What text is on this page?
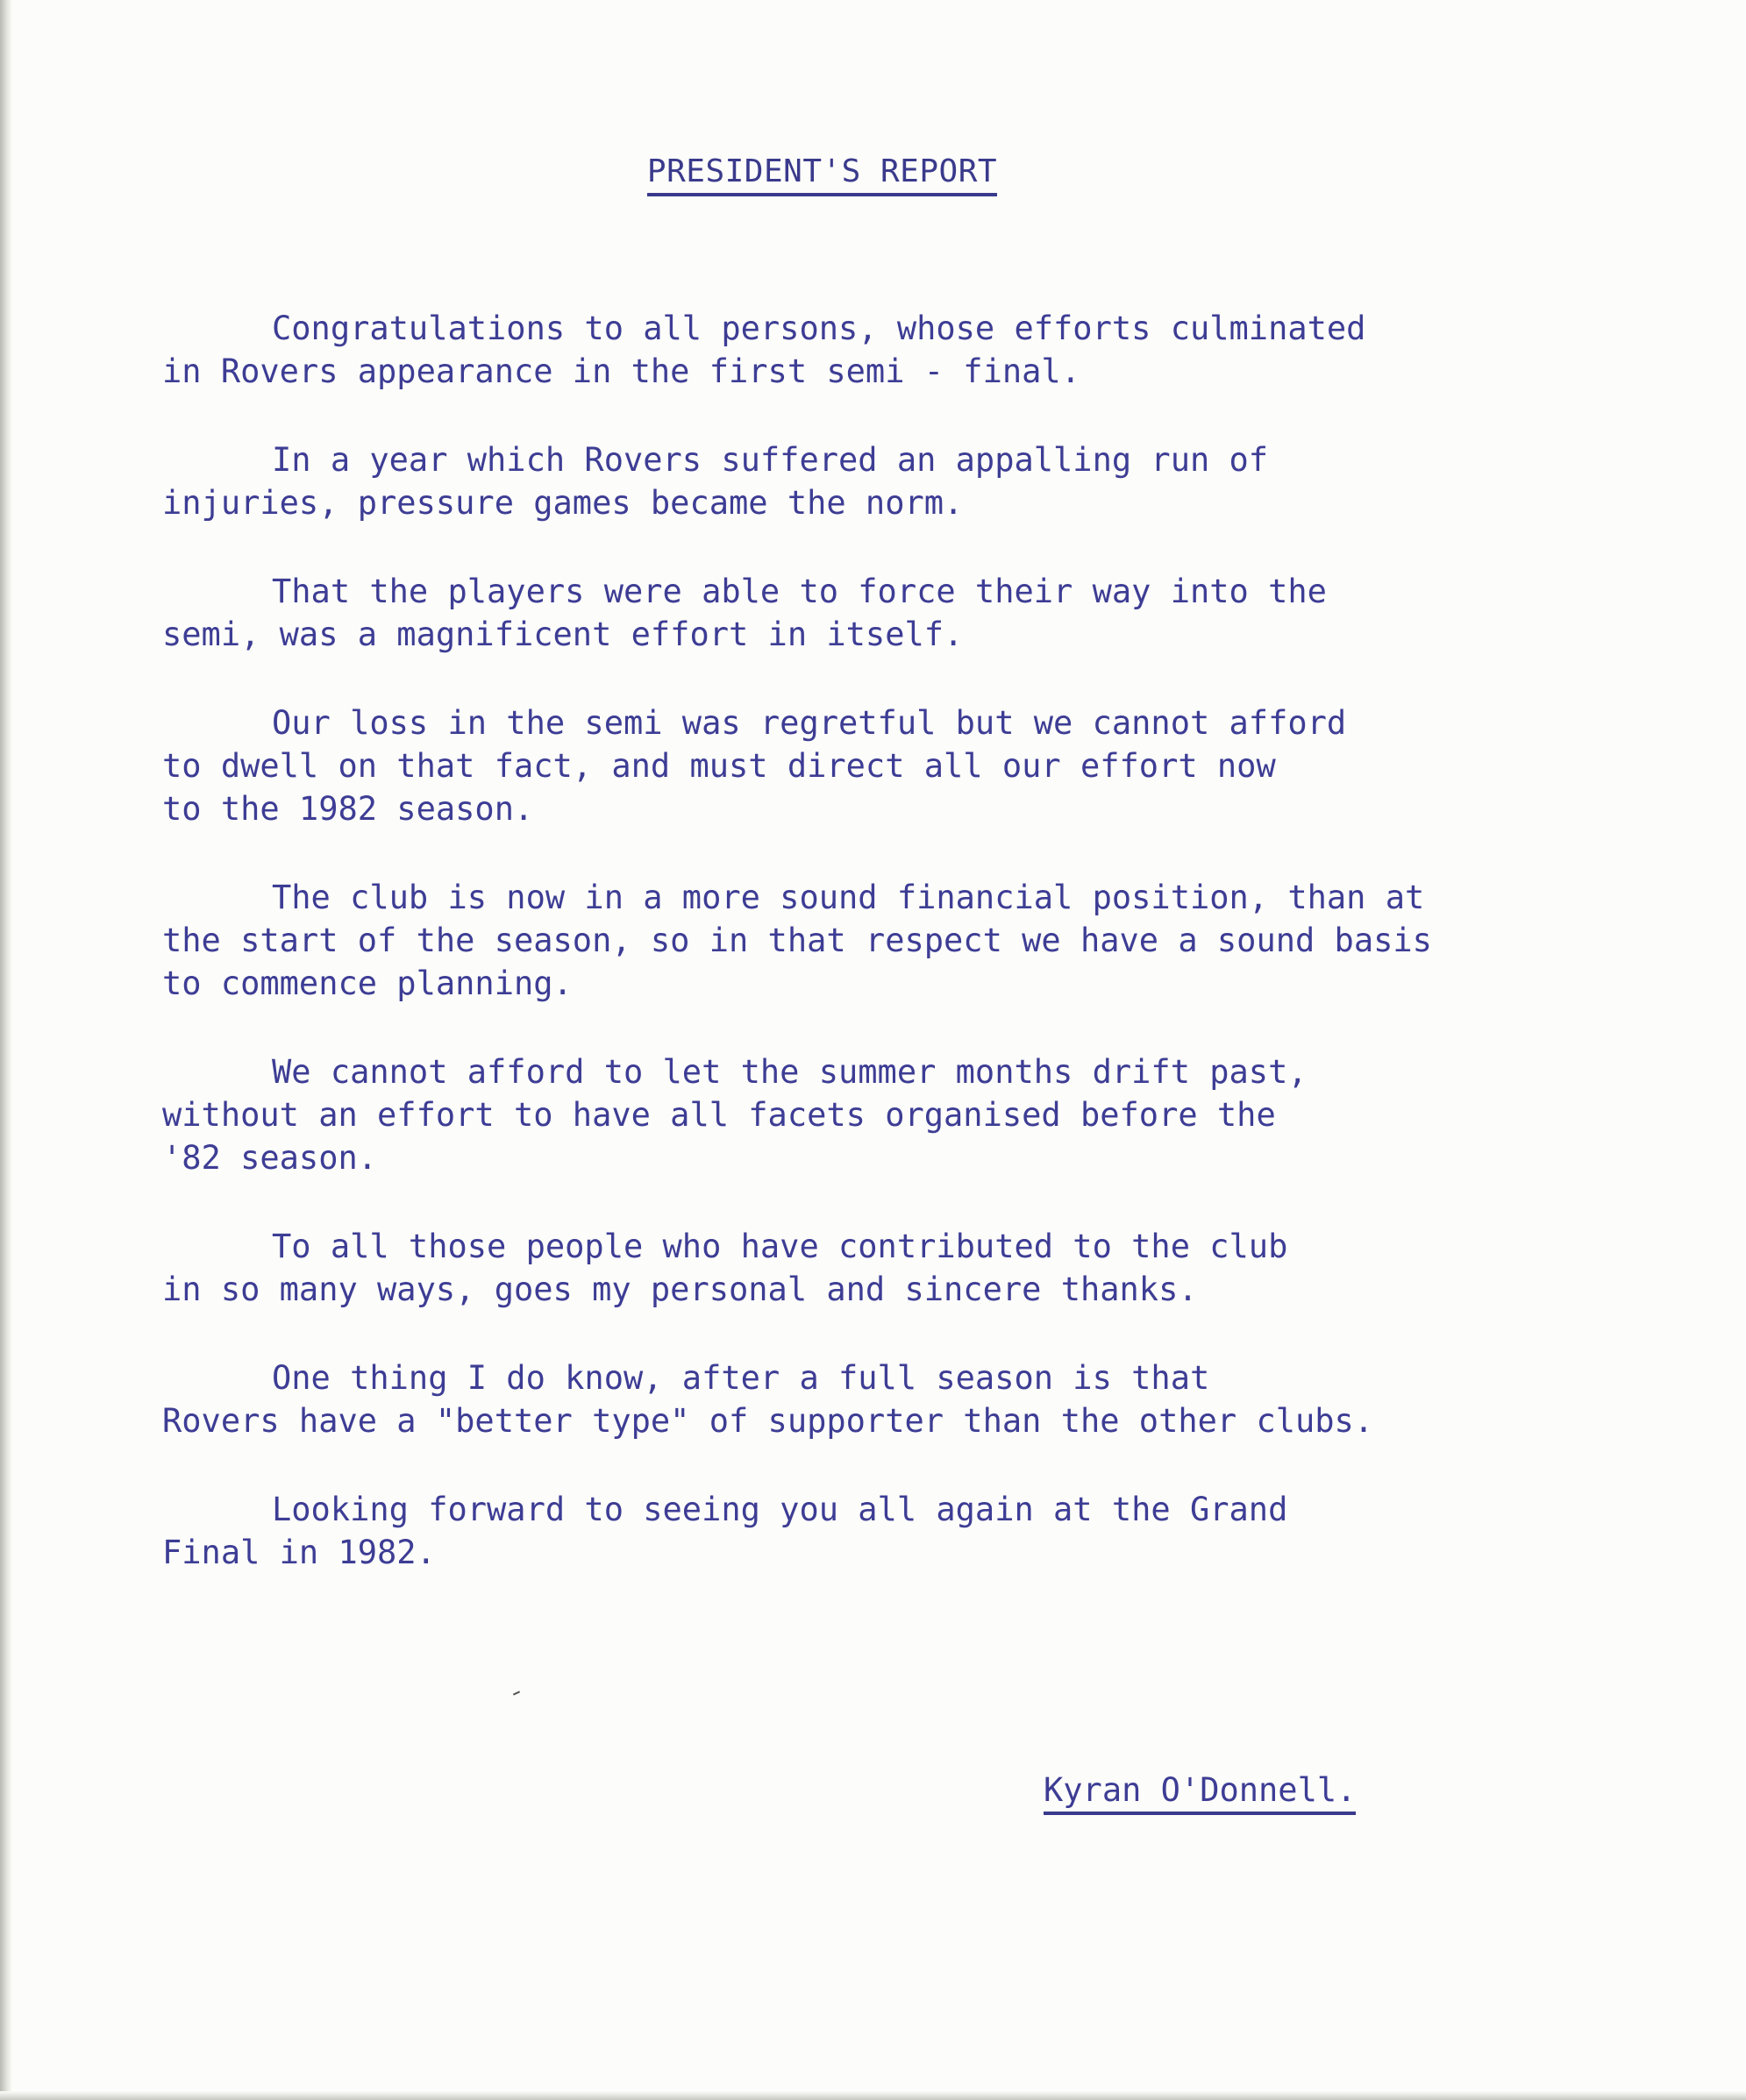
PRESIDENT'S REPORT

Congratulations to all persons, whose efforts culminated
in Rovers appearance in the first semi - final.

In a year which Rovers suffered an appalling run of
injuries, pressure games became the norm.

That the players were able to force their way into the
semi, was a magnificent effort in itself.

Our loss in the semi was regretful but we cannot afford
to dwell on that fact, and must direct all our effort now
to the 1982 season.

The club is now in a more sound financial position, than at
the start of the season, so in that respect we have a sound basis
to commence planning.

We cannot afford to let the summer months drift past,
without an effort to have all facets organised before the
'82 season.

To all those people who have contributed to the club
in so many ways, goes my personal and sincere thanks.

One thing I do know, after a full season is that
Rovers have a "better type" of supporter than the other clubs.

Looking forward to seeing you all again at the Grand
Final in 1982.

Kyran O'Donnell.
